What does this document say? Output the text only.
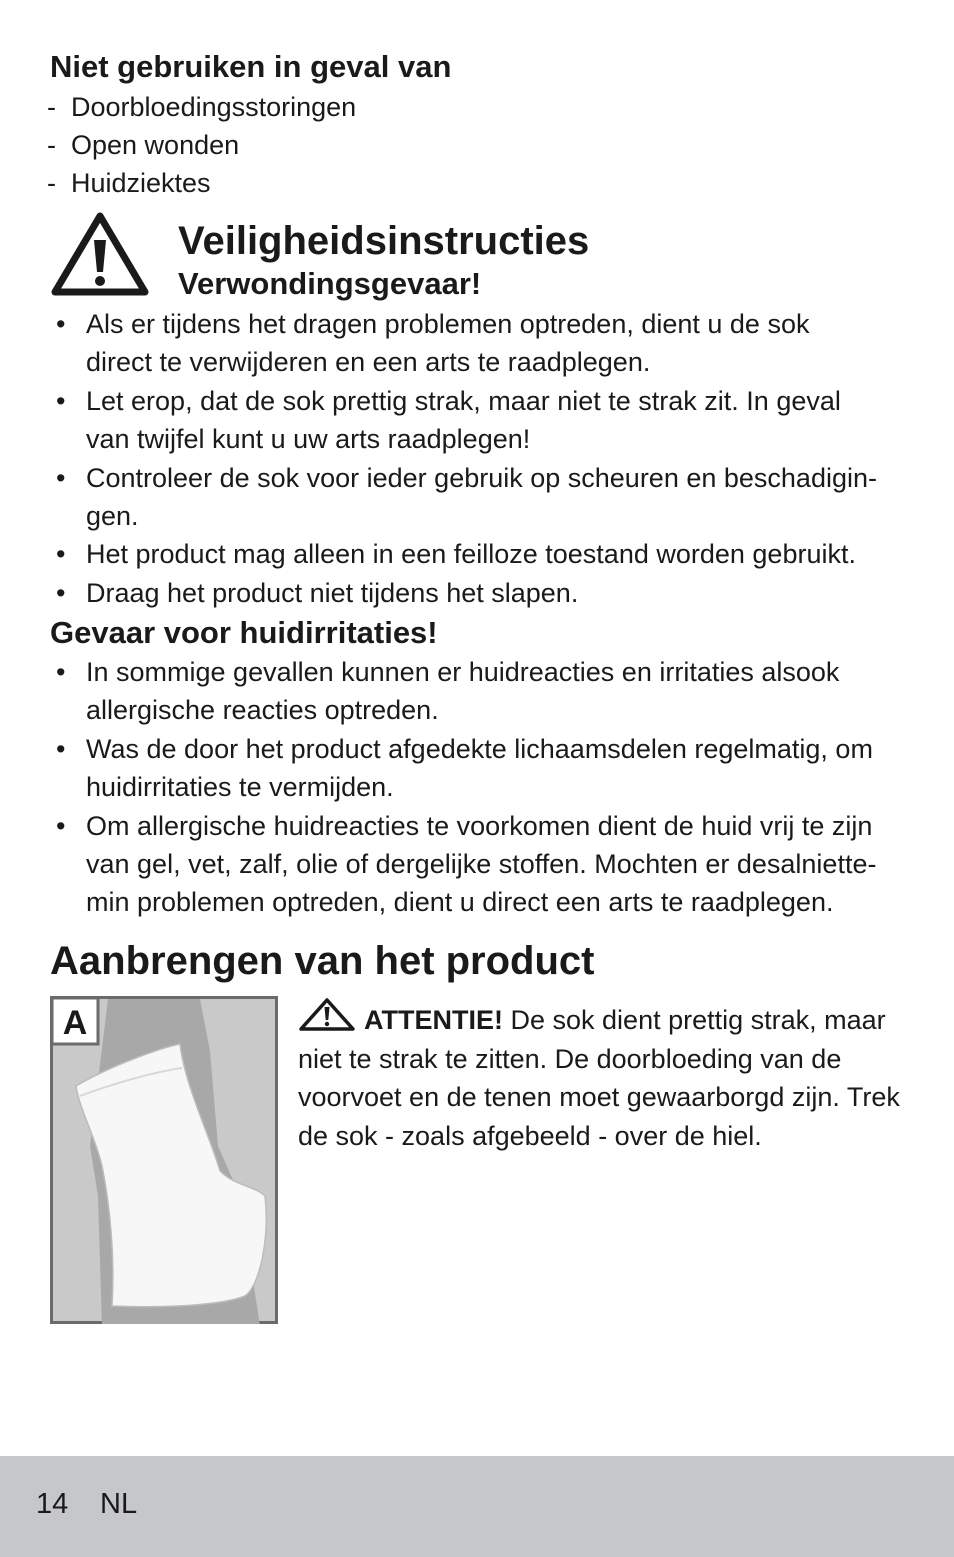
Niet gebruiken in geval van
-  Doorbloedingsstoringen
-  Open wonden
-  Huidziektes
Veiligheidsinstructies
Verwondingsgevaar!
• Als er tijdens het dragen problemen optreden, dient u de sok direct te verwijderen en een arts te raadplegen.
• Let erop, dat de sok prettig strak, maar niet te strak zit. In geval van twijfel kunt u uw arts raadplegen!
• Controleer de sok voor ieder gebruik op scheuren en beschadigin-gen.
• Het product mag alleen in een feilloze toestand worden gebruikt.
• Draag het product niet tijdens het slapen.
Gevaar voor huidirritaties!
• In sommige gevallen kunnen er huidreacties en irritaties alsook allergische reacties optreden.
• Was de door het product afgedekte lichaamsdelen regelmatig, om huidirritaties te vermijden.
• Om allergische huidreacties te voorkomen dient de huid vrij te zijn van gel, vet, zalf, olie of dergelijke stoffen. Mochten er desalniette-min problemen optreden, dient u direct een arts te raadplegen.
Aanbrengen van het product
A	ATTENTIE! De sok dient prettig strak, maar niet te strak te zitten. De doorbloeding van de voorvoet en de tenen moet gewaarborgd zijn. Trek de sok - zoals afgebeeld - over de hiel.
14 NL
